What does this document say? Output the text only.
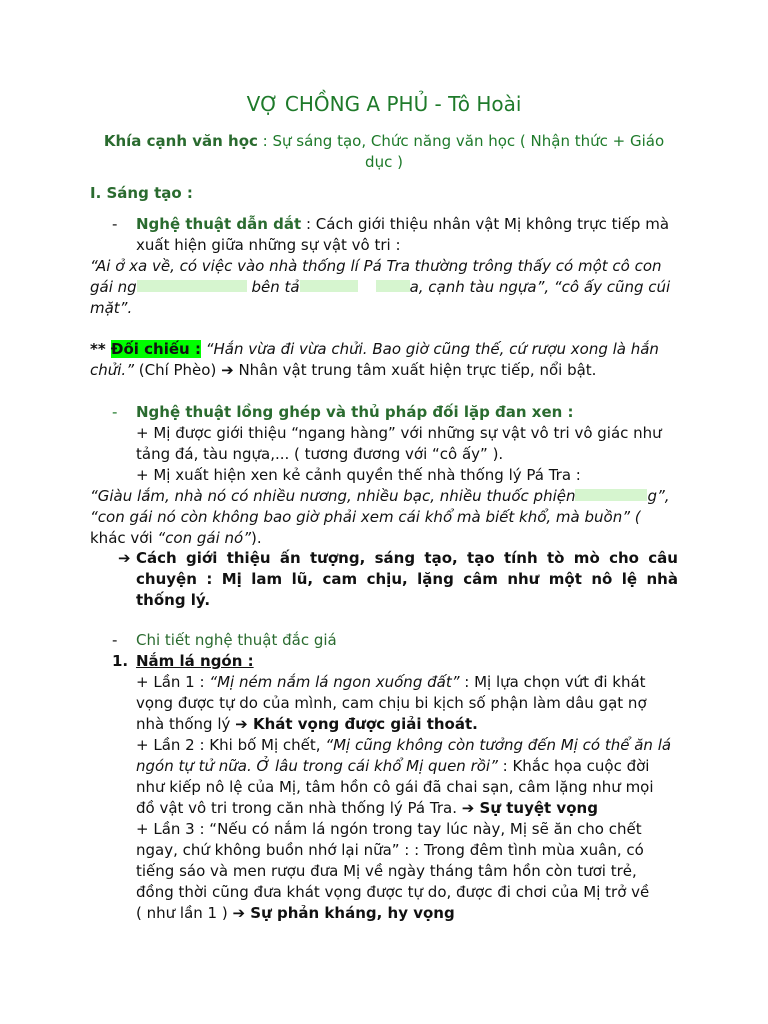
VỢ CHỒNG A PHỦ - Tô Hoài
Khía cạnh văn học : Sự sáng tạo, Chức năng văn học ( Nhận thức + Giáo
dục )
I. Sáng tạo :
- Nghệ thuật dẫn dắt : Cách giới thiệu nhân vật Mị không trực tiếp mà
xuất hiện giữa những sự vật vô tri :
“Ai ở xa về, có việc vào nhà thống lí Pá Tra thường trông thấy có một cô con
gái ng	bên tả	a, cạnh tàu ngựa”, “cô ấy cũng cúi
mặt”.
** Đối chiếu : “Hắn vừa đi vừa chửi. Bao giờ cũng thế, cứ rượu xong là hắn
chửi.” (Chí Phèo) ➔ Nhân vật trung tâm xuất hiện trực tiếp, nổi bật.
- Nghệ thuật lồng ghép và thủ pháp đối lặp đan xen :
+ Mị được giới thiệu “ngang hàng” với những sự vật vô tri vô giác như
tảng đá, tàu ngựa,... ( tương đương với “cô ấy” ).
+ Mị xuất hiện xen kẻ cảnh quyền thế nhà thống lý Pá Tra :
“Giàu lắm, nhà nó có nhiều nương, nhiều bạc, nhiều thuốc phiện	g”,
“con gái nó còn không bao giờ phải xem cái khổ mà biết khổ, mà buồn” (
khác với “con gái nó”).
➔ Cách giới thiệu ấn tượng, sáng tạo, tạo tính tò mò cho câu
chuyện : Mị lam lũ, cam chịu, lặng câm như một nô lệ nhà
thống lý.
- Chi tiết nghệ thuật đắc giá
1. Nắm lá ngón :
+ Lần 1 : “Mị ném nắm lá ngon xuống đất” : Mị lựa chọn vứt đi khát
vọng được tự do của mình, cam chịu bi kịch số phận làm dâu gạt nợ
nhà thống lý ➔ Khát vọng được giải thoát.
+ Lần 2 : Khi bố Mị chết, “Mị cũng không còn tưởng đến Mị có thể ăn lá
ngón tự tử nữa. Ở lâu trong cái khổ Mị quen rồi” : Khắc họa cuộc đời
như kiếp nô lệ của Mị, tâm hồn cô gái đã chai sạn, câm lặng như mọi
đồ vật vô tri trong căn nhà thống lý Pá Tra. ➔ Sự tuyệt vọng
+ Lần 3 : “Nếu có nắm lá ngón trong tay lúc này, Mị sẽ ăn cho chết
ngay, chứ không buồn nhớ lại nữa” : : Trong đêm tình mùa xuân, có
tiếng sáo và men rượu đưa Mị về ngày tháng tâm hồn còn tươi trẻ,
đồng thời cũng đưa khát vọng được tự do, được đi chơi của Mị trở về
( như lần 1 ) ➔ Sự phản kháng, hy vọng
